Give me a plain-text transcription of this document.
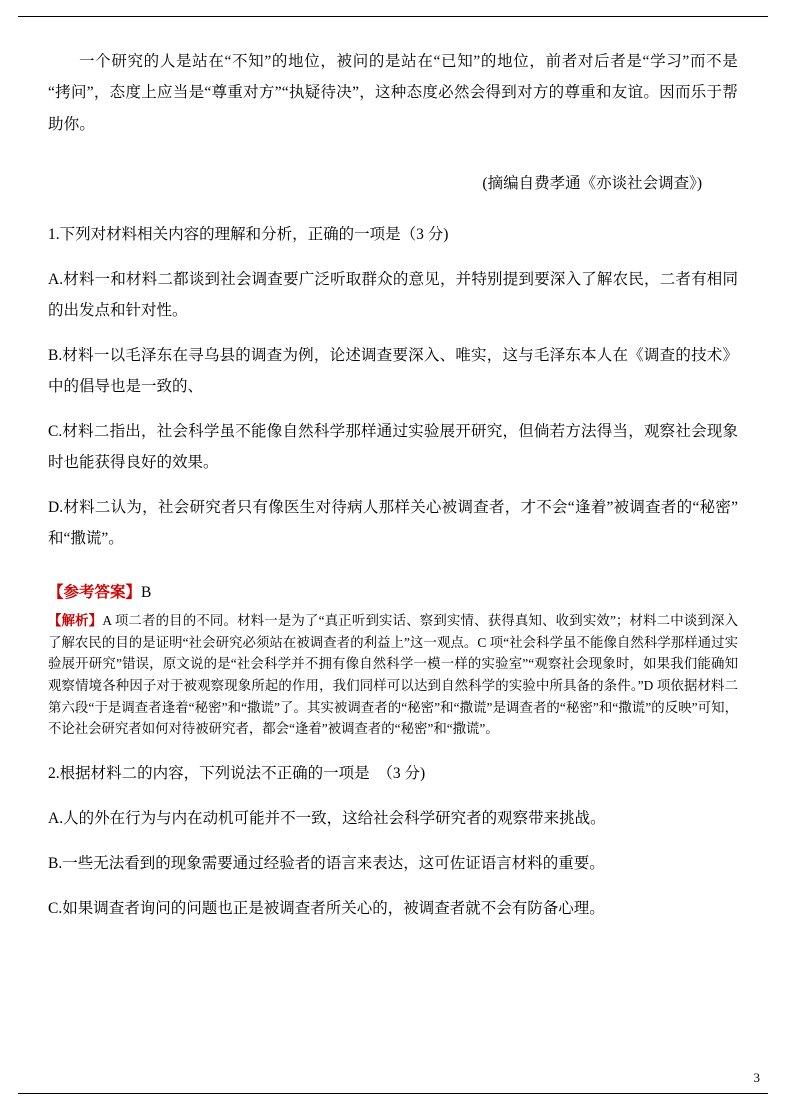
一个研究的人是站在“不知”的地位，被问的是站在“已知”的地位，前者对后者是“学习”而不是“拷问”，态度上应当是“尊重对方”“执疑待决”，这种态度必然会得到对方的尊重和友谊。因而乐于帮助你。

(摘编自费孝通《亦谈社会调查》)

1.下列对材料相关内容的理解和分析，正确的一项是（3 分)

A.材料一和材料二都谈到社会调查要广泛听取群众的意见，并特别提到要深入了解农民，二者有相同的出发点和针对性。

B.材料一以毛泽东在寻乌县的调查为例，论述调查要深入、唯实，这与毛泽东本人在《调查的技术》中的倡导也是一致的、

C.材料二指出，社会科学虽不能像自然科学那样通过实验展开研究，但倘若方法得当，观察社会现象时也能获得良好的效果。

D.材料二认为，社会研究者只有像医生对待病人那样关心被调查者，才不会“逢着”被调查者的“秘密”和“撒谎”。

【参考答案】B

【解析】A 项二者的目的不同。材料一是为了“真正听到实话、察到实情、获得真知、收到实效”；材料二中谈到深入了解农民的目的是证明“社会研究必须站在被调查者的利益上”这一观点。C 项“社会科学虽不能像自然科学那样通过实验展开研究”错误，原文说的是“社会科学并不拥有像自然科学一模一样的实验室”“观察社会现象时，如果我们能确知观察情境各种因子对于被观察现象所起的作用，我们同样可以达到自然科学的实验中所具备的条件。”D 项依据材料二第六段“于是调查者逢着“秘密”和“撒谎”了。其实被调查者的“秘密”和“撒谎”是调查者的“秘密”和“撒谎”的反映”可知，不论社会研究者如何对待被研究者，都会“逢着”被调查者的“秘密”和“撒谎”。

2.根据材料二的内容，下列说法不正确的一项是　（3 分)

A.人的外在行为与内在动机可能并不一致，这给社会科学研究者的观察带来挑战。

B.一些无法看到的现象需要通过经验者的语言来表达，这可佐证语言材料的重要。

C.如果调查者询问的问题也正是被调查者所关心的，被调查者就不会有防备心理。

3
